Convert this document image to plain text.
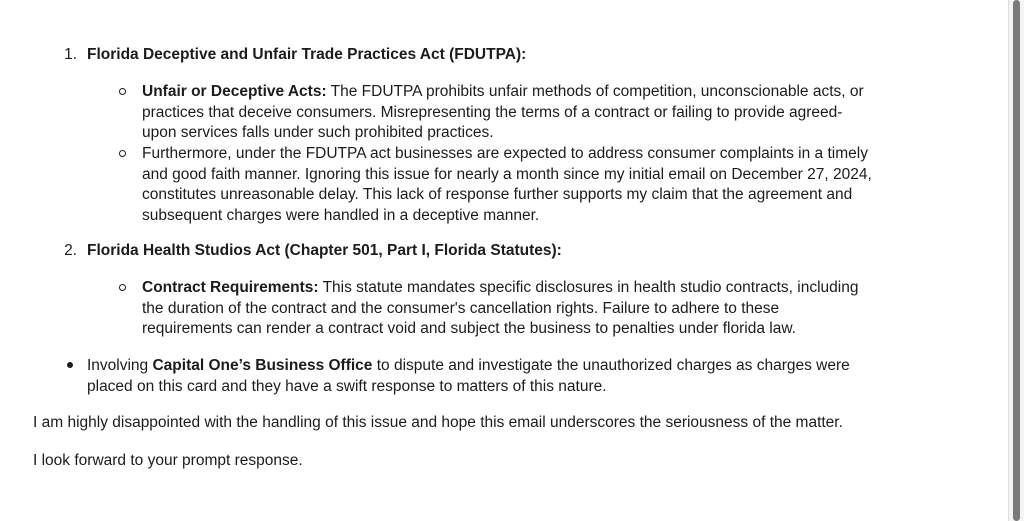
1. Florida Deceptive and Unfair Trade Practices Act (FDUTPA):
Unfair or Deceptive Acts: The FDUTPA prohibits unfair methods of competition, unconscionable acts, or
practices that deceive consumers. Misrepresenting the terms of a contract or failing to provide agreed-
upon services falls under such prohibited practices.
Furthermore, under the FDUTPA act businesses are expected to address consumer complaints in a timely
and good faith manner. Ignoring this issue for nearly a month since my initial email on December 27, 2024,
constitutes unreasonable delay. This lack of response further supports my claim that the agreement and
subsequent charges were handled in a deceptive manner.
2. Florida Health Studios Act (Chapter 501, Part I, Florida Statutes):
Contract Requirements: This statute mandates specific disclosures in health studio contracts, including
the duration of the contract and the consumer's cancellation rights. Failure to adhere to these
requirements can render a contract void and subject the business to penalties under florida law.
Involving Capital One’s Business Office to dispute and investigate the unauthorized charges as charges were
placed on this card and they have a swift response to matters of this nature.
I am highly disappointed with the handling of this issue and hope this email underscores the seriousness of the matter.
I look forward to your prompt response.
